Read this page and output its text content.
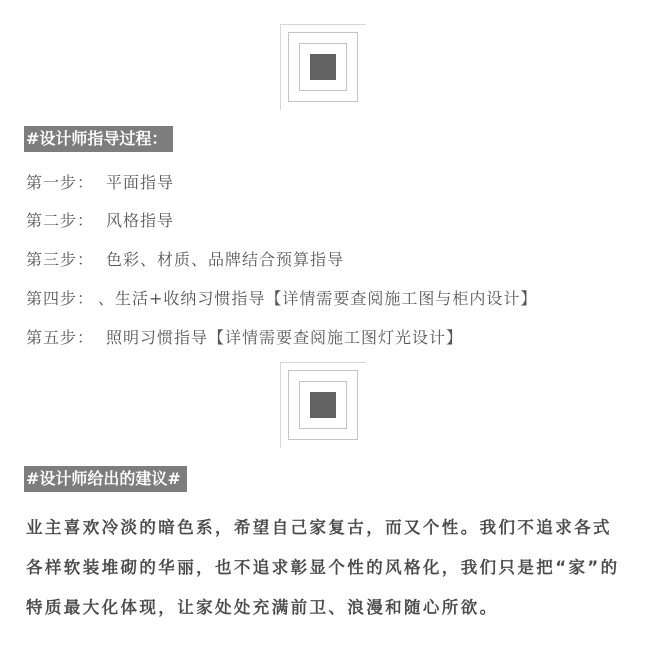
#设计师指导过程：
第一步： 平面指导
第二步： 风格指导
第三步： 色彩、材质、品牌结合预算指导
第四步： 、生活+收纳习惯指导【详情需要查阅施工图与柜内设计】
第五步： 照明习惯指导【详情需要查阅施工图灯光设计】
#设计师给出的建议#

业主喜欢冷淡的暗色系，希望自己家复古，而又个性。我们不追求各式各样软装堆砌的华丽，也不追求彰显个性的风格化，我们只是把“家”的特质最大化体现，让家处处充满前卫、浪漫和随心所欲。
